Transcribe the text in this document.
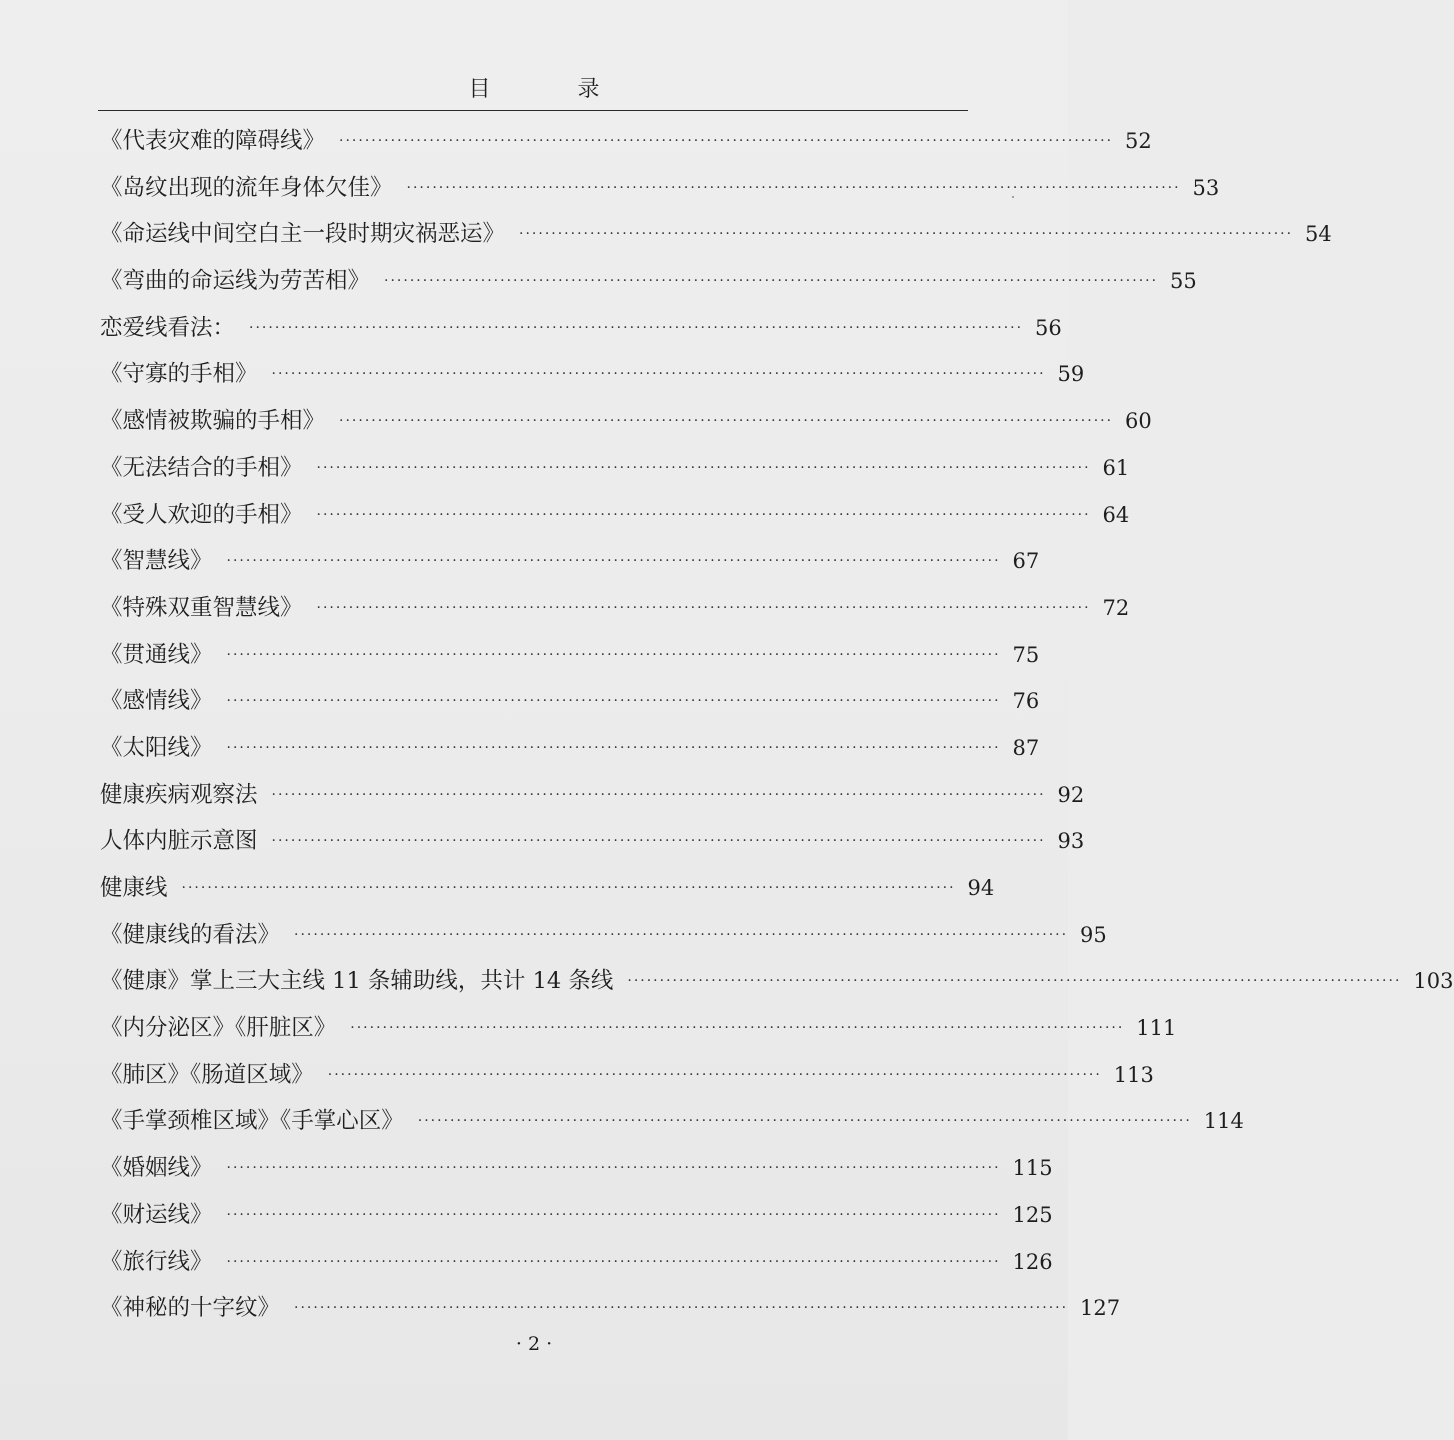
目 录
《代表灾难的障碍线》 ························································································································ 52
《岛纹出现的流年身体欠佳》 ························································································································ 53
《命运线中间空白主一段时期灾祸恶运》 ························································································································ 54
《弯曲的命运线为劳苦相》 ························································································································ 55
恋爱线看法： ························································································································ 56
《守寡的手相》 ························································································································ 59
《感情被欺骗的手相》 ························································································································ 60
《无法结合的手相》 ························································································································ 61
《受人欢迎的手相》 ························································································································ 64
《智慧线》 ························································································································ 67
《特殊双重智慧线》 ························································································································ 72
《贯通线》 ························································································································ 75
《感情线》 ························································································································ 76
《太阳线》 ························································································································ 87
健康疾病观察法 ························································································································ 92
人体内脏示意图 ························································································································ 93
健康线 ························································································································ 94
《健康线的看法》 ························································································································ 95
《健康》掌上三大主线 11 条辅助线，共计 14 条线 ························································································································ 103
《内分泌区》《肝脏区》 ························································································································ 111
《肺区》《肠道区域》 ························································································································ 113
《手掌颈椎区域》《手掌心区》 ························································································································ 114
《婚姻线》 ························································································································ 115
《财运线》 ························································································································ 125
《旅行线》 ························································································································ 126
《神秘的十字纹》 ························································································································ 127
· 2 ·
